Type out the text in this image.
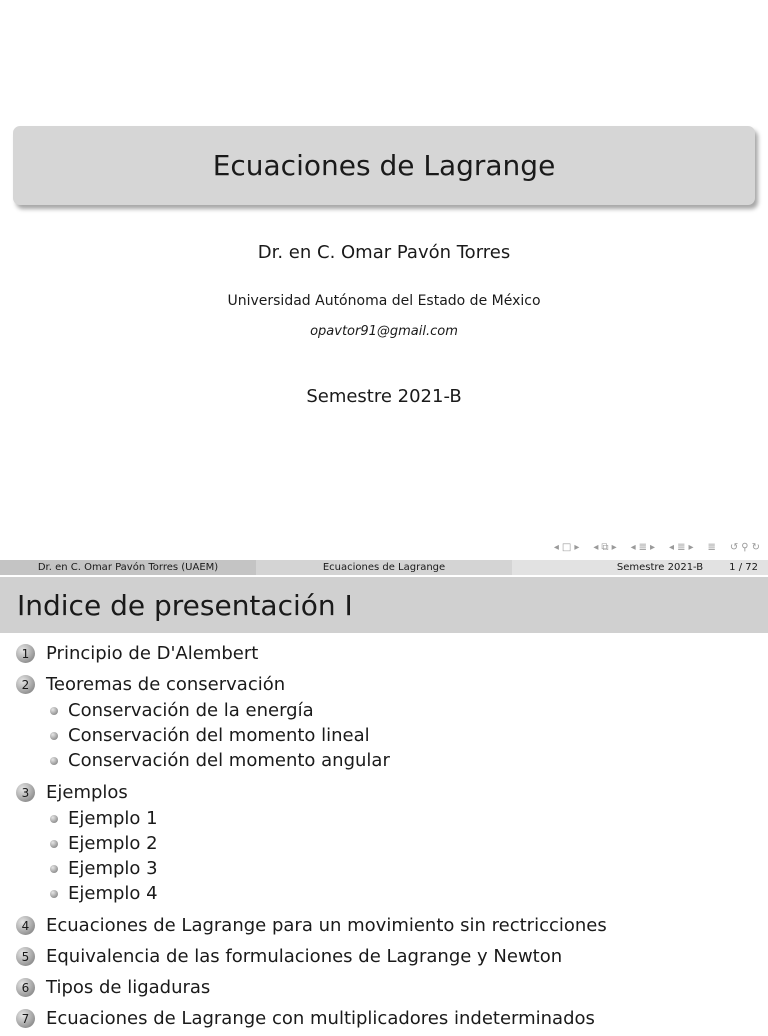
Ecuaciones de Lagrange
Dr. en C. Omar Pavón Torres
Universidad Autónoma del Estado de México
opavtor91@gmail.com
Semestre 2021-B
◂ □ ▸ ◂ ⧉ ▸ ◂ ≣ ▸ ◂ ≣ ▸ ≣ ↺ ⚲ ↻
Dr. en C. Omar Pavón Torres (UAEM)	Ecuaciones de Lagrange	Semestre 2021-B	1 / 72
Indice de presentación I
1 Principio de D'Alembert
2 Teoremas de conservación
Conservación de la energía
Conservación del momento lineal
Conservación del momento angular
3 Ejemplos
Ejemplo 1
Ejemplo 2
Ejemplo 3
Ejemplo 4
4 Ecuaciones de Lagrange para un movimiento sin rectricciones
5 Equivalencia de las formulaciones de Lagrange y Newton
6 Tipos de ligaduras
7 Ecuaciones de Lagrange con multiplicadores indeterminados
